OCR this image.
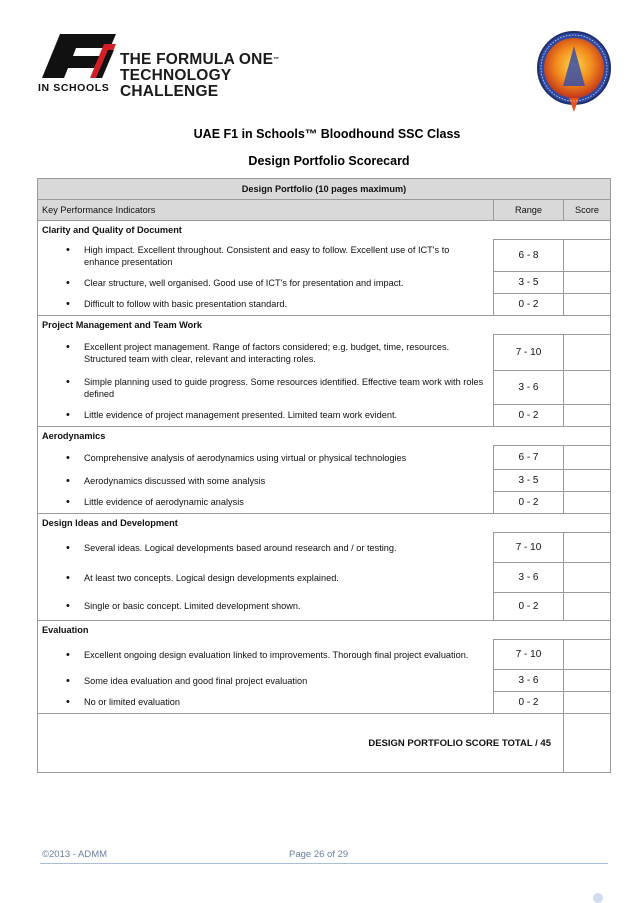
THE FORMULA ONE™
TECHNOLOGY CHALLENGE
IN SCHOOLS
UAE F1 in Schools™ Bloodhound SSC Class
Design Portfolio Scorecard
Design Portfolio (10 pages maximum)		
Key Performance Indicators	Range	Score
Clarity and Quality of Document		

• High impact. Excellent throughout. Consistent and easy to follow. Excellent use of ICT's to enhance presentation	6 - 8	

• Clear structure, well organised. Good use of ICT's for presentation and impact.	3 - 5	

• Difficult to follow with basic presentation standard.	0 - 2	
Project Management and Team Work		

• Excellent project management. Range of factors considered; e.g. budget, time, resources. Structured team with clear, relevant and interacting roles.	7 - 10	

• Simple planning used to guide progress. Some resources identified. Effective team work with roles defined	3 - 6	

• Little evidence of project management presented. Limited team work evident.	0 - 2	
Aerodynamics		

• Comprehensive analysis of aerodynamics using virtual or physical technologies	6 - 7	

• Aerodynamics discussed with some analysis	3 - 5	

• Little evidence of aerodynamic analysis	0 - 2	
Design Ideas and Development		

• Several ideas. Logical developments based around research and / or testing.	7 - 10	

• At least two concepts. Logical design developments explained.	3 - 6	

• Single or basic concept. Limited development shown.	0 - 2	
Evaluation		

• Excellent ongoing design evaluation linked to improvements. Thorough final project evaluation.	7 - 10	

• Some idea evaluation and good final project evaluation	3 - 6	

• No or limited evaluation	0 - 2	
DESIGN PORTFOLIO SCORE TOTAL / 45		
©2013 - ADMM	Page 26 of 29
